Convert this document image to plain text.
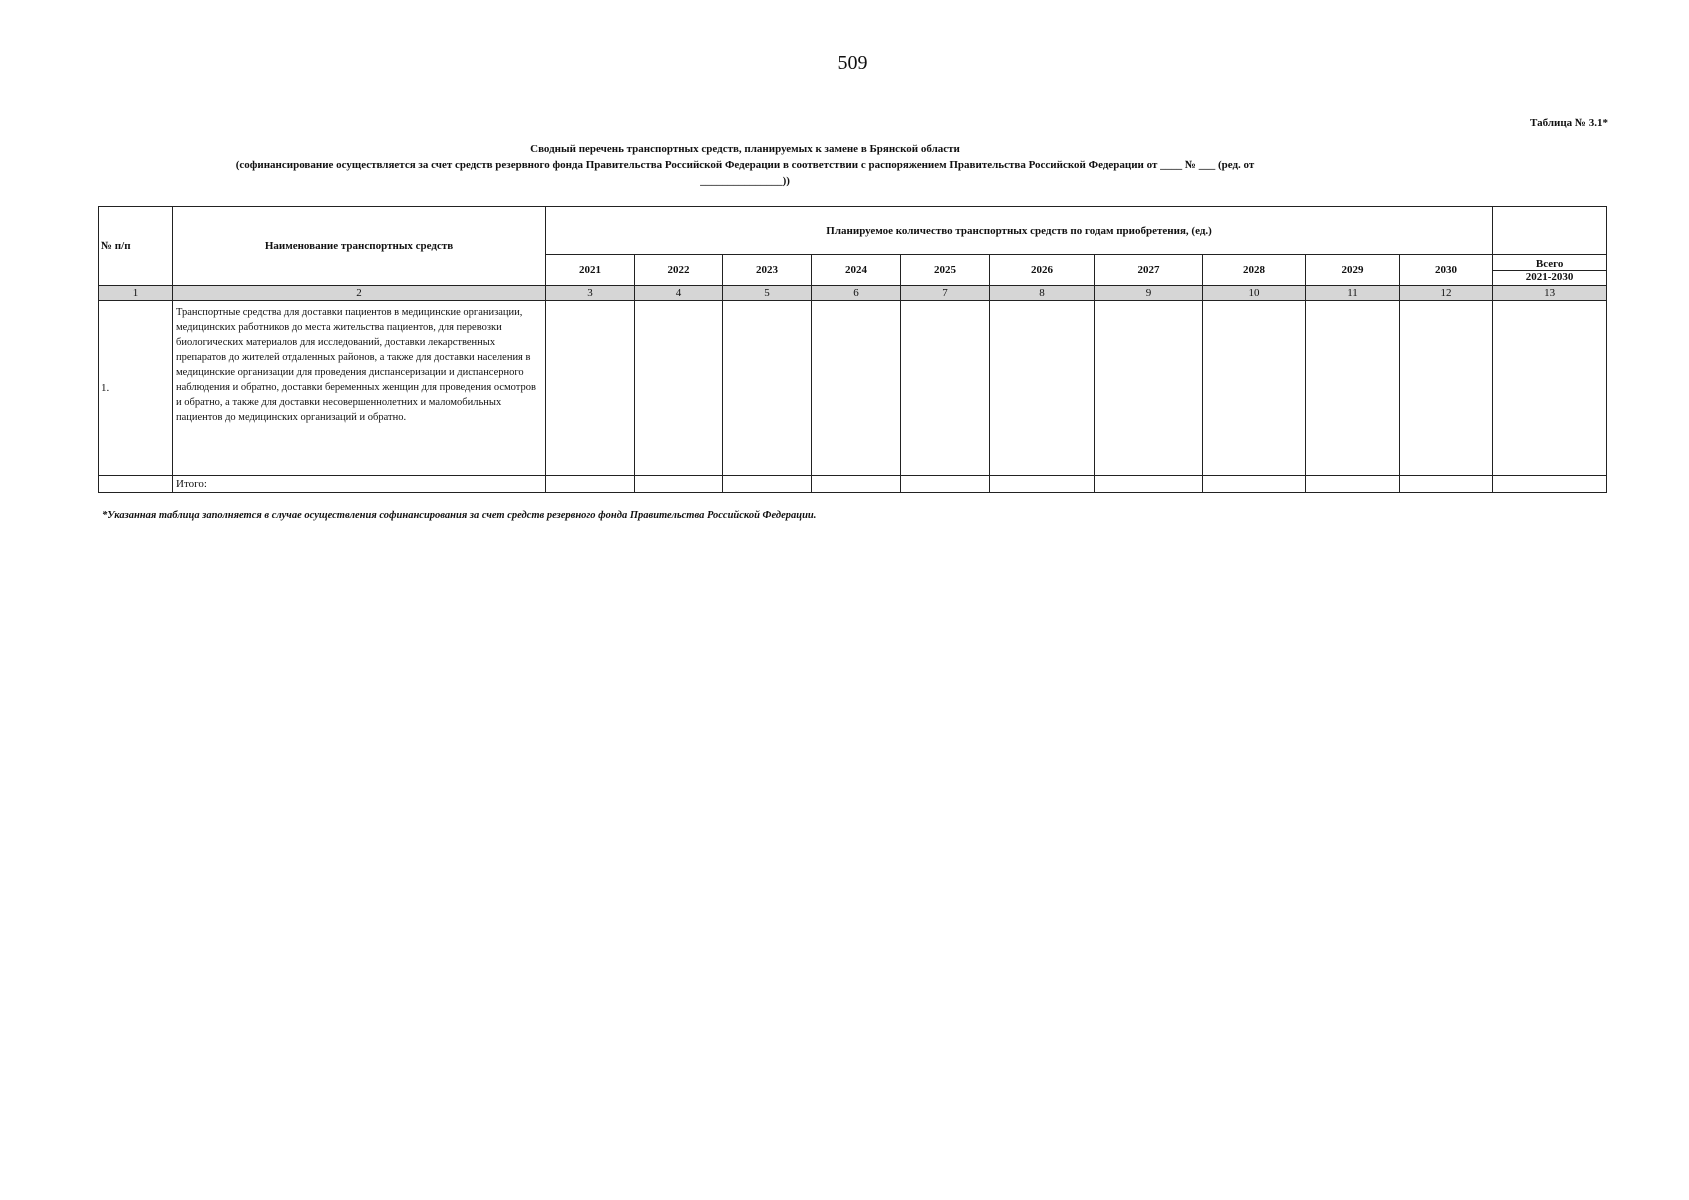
509
Таблица № 3.1*
Сводный перечень транспортных средств, планируемых к замене в Брянской области
(софинансирование осуществляется за счет средств резервного фонда Правительства Российской Федерации в соответствии с распоряжением Правительства Российской Федерации от ____ № ___ (ред. от
_______________))
№ п/п	Наименование транспортных средств	Планируемое количество транспортных средств по годам приобретения, (ед.)										
		2021	2022	2023	2024	2025	2026	2027	2028	2029	2030	Всего
2021-2030

1	2	3	4	5	6	7	8	9	10	11	12	13
1.	Транспортные средства для доставки пациентов в медицинские организации, медицинских работников до места жительства пациентов, для перевозки биологических материалов для исследований, доставки лекарственных препаратов до жителей отдаленных районов, а также для доставки населения в медицинские организации для проведения диспансеризации и диспансерного наблюдения и обратно, доставки беременных женщин для проведения осмотров и обратно, а также для доставки несовершеннолетних и маломобильных пациентов до медицинских организаций и обратно.											
	Итого:											
*Указанная таблица заполняется в случае осуществления софинансирования за счет средств резервного фонда Правительства Российской Федерации.
